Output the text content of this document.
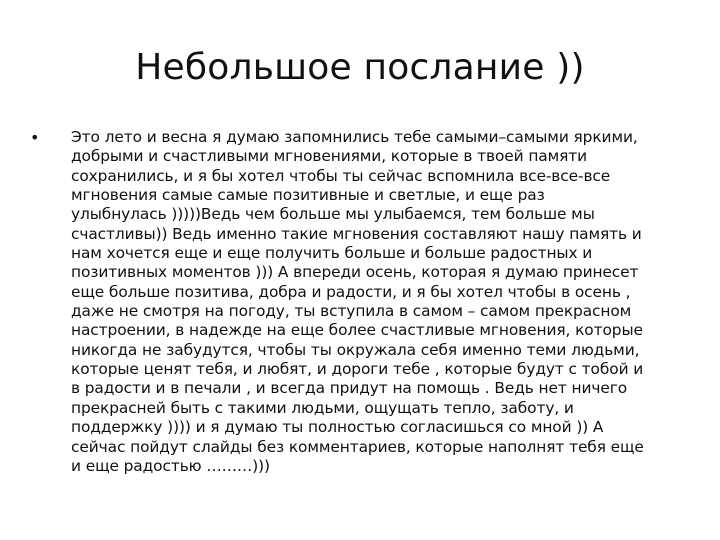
Небольшое послание ))
• Это лето и весна я думаю запомнились тебе самыми–самыми яркими,
добрыми и счастливыми мгновениями, которые в твоей памяти
сохранились, и я бы хотел чтобы ты сейчас вспомнила все-все-все
мгновения самые самые позитивные и светлые, и еще раз
улыбнулась )))))Ведь чем больше мы улыбаемся, тем больше мы
счастливы)) Ведь именно такие мгновения составляют нашу память и
нам хочется еще и еще получить больше и больше радостных и
позитивных моментов ))) А впереди осень, которая я думаю принесет
еще больше позитива, добра и радости, и я бы хотел чтобы в осень ,
даже не смотря на погоду, ты вступила в самом – самом прекрасном
настроении, в надежде на еще более счастливые мгновения, которые
никогда не забудутся, чтобы ты окружала себя именно теми людьми,
которые ценят тебя, и любят, и дороги тебе , которые будут с тобой и
в радости и в печали , и всегда придут на помощь . Ведь нет ничего
прекрасней быть с такими людьми, ощущать тепло, заботу, и
поддержку )))) и я думаю ты полностью согласишься со мной )) А
сейчас пойдут слайды без комментариев, которые наполнят тебя еще
и еще радостью ………)))
